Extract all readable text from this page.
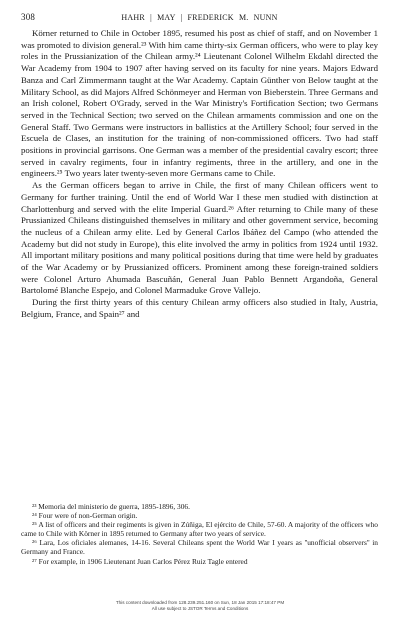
308	HAHR | MAY | FREDERICK M. NUNN

Körner returned to Chile in October 1895, resumed his post as chief of staff, and on November 1 was promoted to division general.²³ With him came thirty-six German officers, who were to play key roles in the Prussianization of the Chilean army.²⁴ Lieutenant Colonel Wilhelm Ekdahl directed the War Academy from 1904 to 1907 after having served on its faculty for nine years. Majors Edward Banza and Carl Zimmermann taught at the War Academy. Captain Günther von Below taught at the Military School, as did Majors Alfred Schönmeyer and Herman von Bieberstein. Three Germans and an Irish colonel, Robert O'Grady, served in the War Ministry's Fortification Section; two Germans served in the Technical Section; two served on the Chilean armaments commission and one on the General Staff. Two Germans were instructors in ballistics at the Artillery School; four served in the Escuela de Clases, an institution for the training of non-commissioned officers. Two had staff positions in provincial garrisons. One German was a member of the presidential cavalry escort; three served in cavalry regiments, four in infantry regiments, three in the artillery, and one in the engineers.²⁵ Two years later twenty-seven more Germans came to Chile.

As the German officers began to arrive in Chile, the first of many Chilean officers went to Germany for further training. Until the end of World War I these men studied with distinction at Charlottenburg and served with the elite Imperial Guard.²⁶ After returning to Chile many of these Prussianized Chileans distinguished themselves in military and other government service, becoming the nucleus of a Chilean army elite. Led by General Carlos Ibáñez del Campo (who attended the Academy but did not study in Europe), this elite involved the army in politics from 1924 until 1932. All important military positions and many political positions during that time were held by graduates of the War Academy or by Prussianized officers. Prominent among these foreign-trained soldiers were Colonel Arturo Ahumada Bascuñán, General Juan Pablo Bennett Argandoña, General Bartolomé Blanche Espejo, and Colonel Marmaduke Grove Vallejo.

During the first thirty years of this century Chilean army officers also studied in Italy, Austria, Belgium, France, and Spain²⁷ and

²³ Memoria del ministerio de guerra, 1895-1896, 306.

²⁴ Four were of non-German origin.

²⁵ A list of officers and their regiments is given in Zúñiga, El ejército de Chile, 57-60. A majority of the officers who came to Chile with Körner in 1895 returned to Germany after two years of service.

²⁶ Lara, Los oficiales alemanes, 14-16. Several Chileans spent the World War I years as ''unofficial observers'' in Germany and France.

²⁷ For example, in 1906 Lieutenant Juan Carlos Pérez Ruiz Tagle entered

This content downloaded from 128.239.251.160 on Sun, 18 Jan 2015 17:18:47 PM
All use subject to JSTOR Terms and Conditions
